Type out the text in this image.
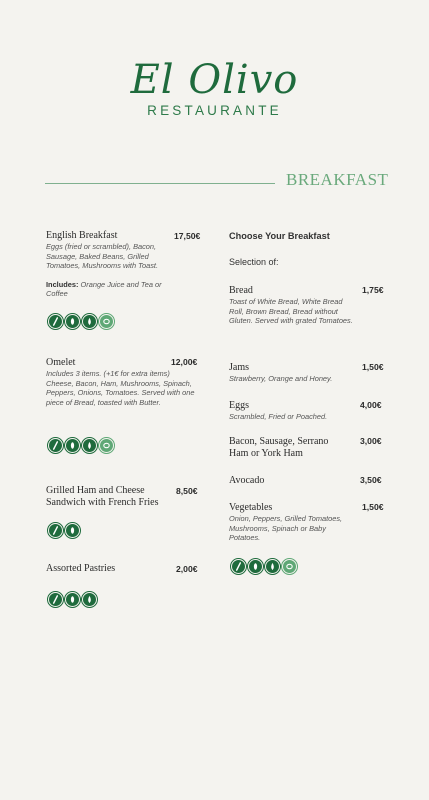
El Olivo
RESTAURANTE
BREAKFAST
English Breakfast	17,50€
Eggs (fried or scrambled), Bacon, Sausage, Baked Beans, Grilled Tomatoes, Mushrooms with Toast.
Includes: Orange Juice and Tea or Coffee
Omelet	12,00€
Includes 3 items. (+1€ for extra items) Cheese, Bacon, Ham, Mushrooms, Spinach, Peppers, Onions, Tomatoes. Served with one piece of Bread, toasted with Butter.
Grilled Ham and Cheese Sandwich with French Fries
8,50€
Assorted Pastries	2,00€
Choose Your Breakfast
Selection of:
Bread	1,75€
Toast of White Bread, White Bread Roll, Brown Bread, Bread without Gluten. Served with grated Tomatoes.
Jams	1,50€
Strawberry, Orange and Honey.
Eggs	4,00€
Scrambled, Fried or Poached.
Bacon, Sausage, Serrano Ham or York Ham
3,00€
Avocado	3,50€
Vegetables	1,50€
Onion, Peppers, Grilled Tomatoes, Mushrooms, Spinach or Baby Potatoes.
